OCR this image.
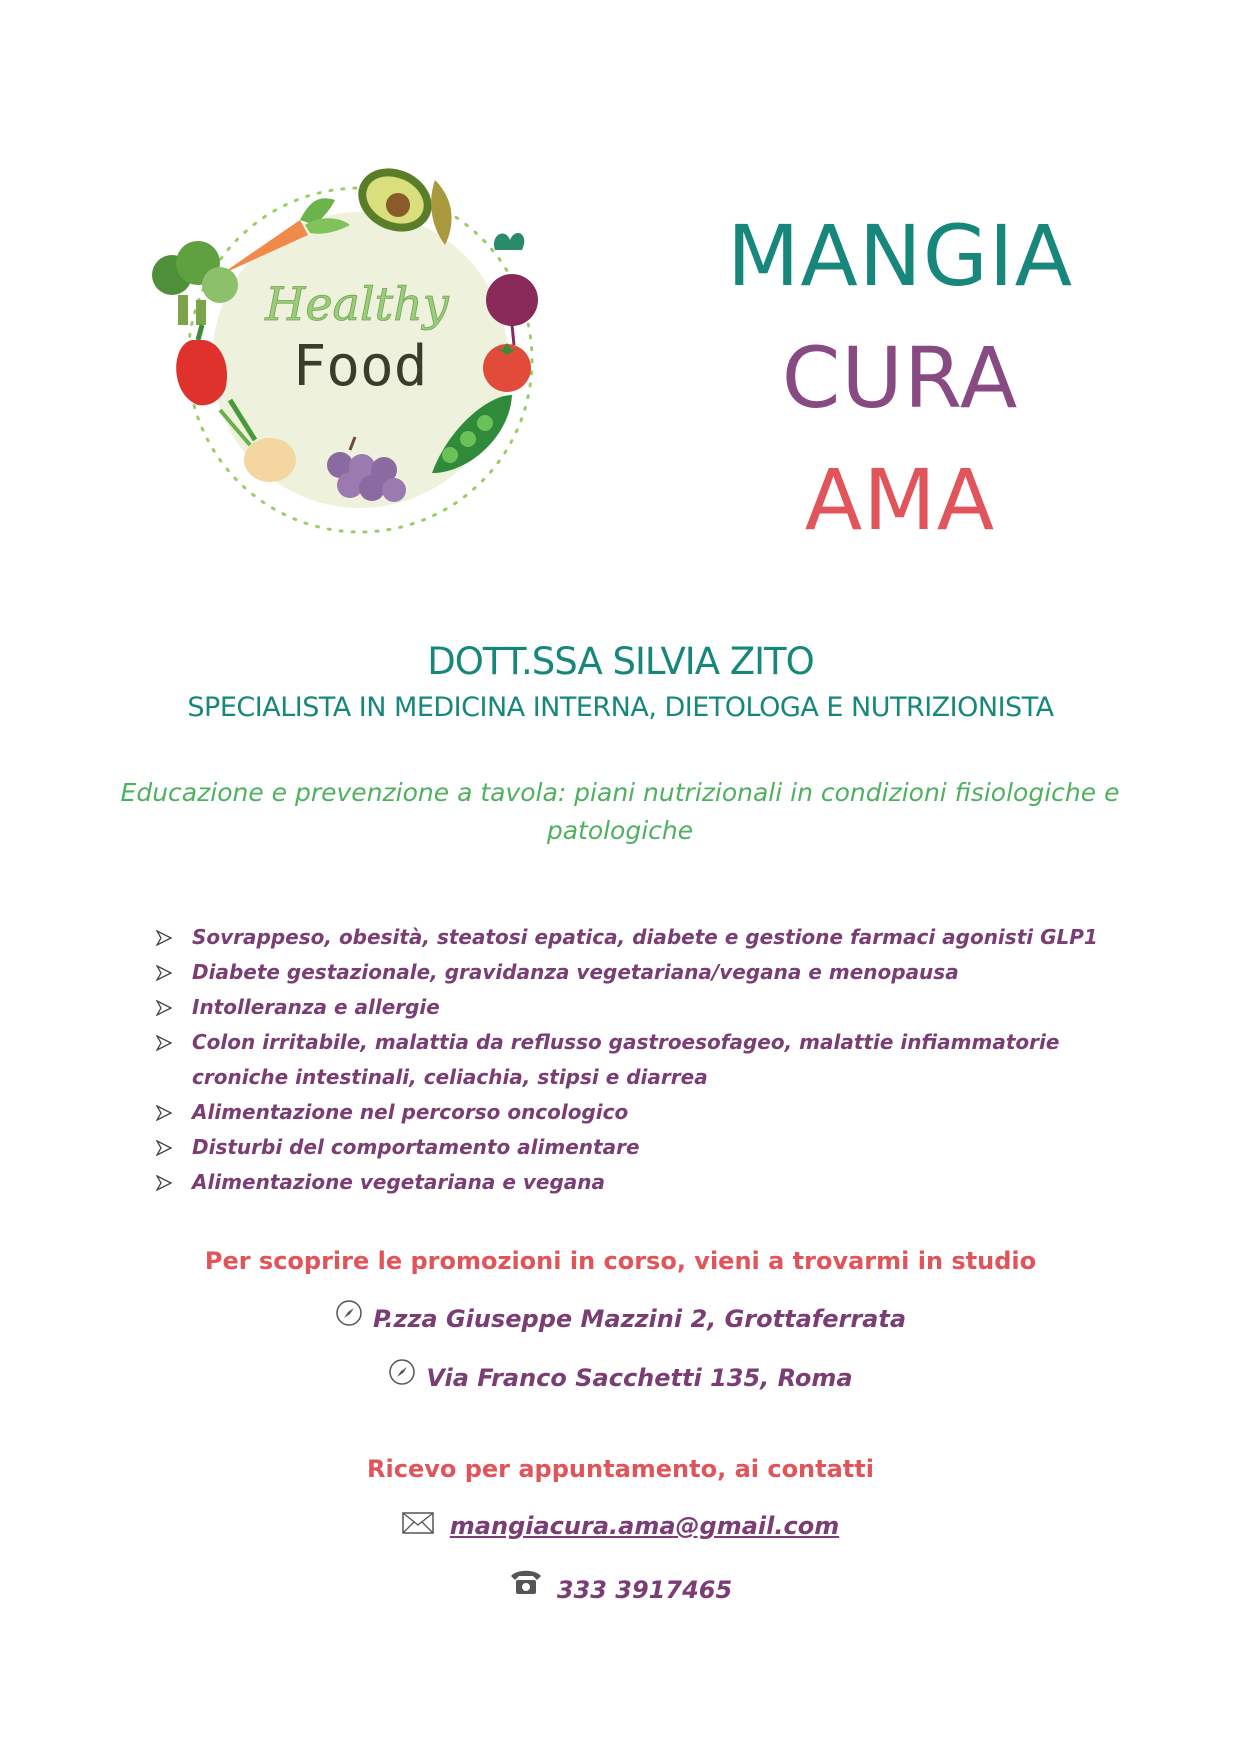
Healthy
Food
MANGIA
CURA
AMA
DOTT.SSA SILVIA ZITO
SPECIALISTA IN MEDICINA INTERNA, DIETOLOGA E NUTRIZIONISTA
Educazione e prevenzione a tavola: piani nutrizionali in condizioni fisiologiche e patologiche
Sovrappeso, obesità, steatosi epatica, diabete e gestione farmaci agonisti GLP1
Diabete gestazionale, gravidanza vegetariana/vegana e menopausa
Intolleranza e allergie
Colon irritabile, malattia da reflusso gastroesofageo, malattie infiammatorie croniche intestinali, celiachia, stipsi e diarrea
Alimentazione nel percorso oncologico
Disturbi del comportamento alimentare
Alimentazione vegetariana e vegana
Per scoprire le promozioni in corso, vieni a trovarmi in studio
P.zza Giuseppe Mazzini 2, Grottaferrata
Via Franco Sacchetti 135, Roma
Ricevo per appuntamento, ai contatti
mangiacura.ama@gmail.com
333 3917465
